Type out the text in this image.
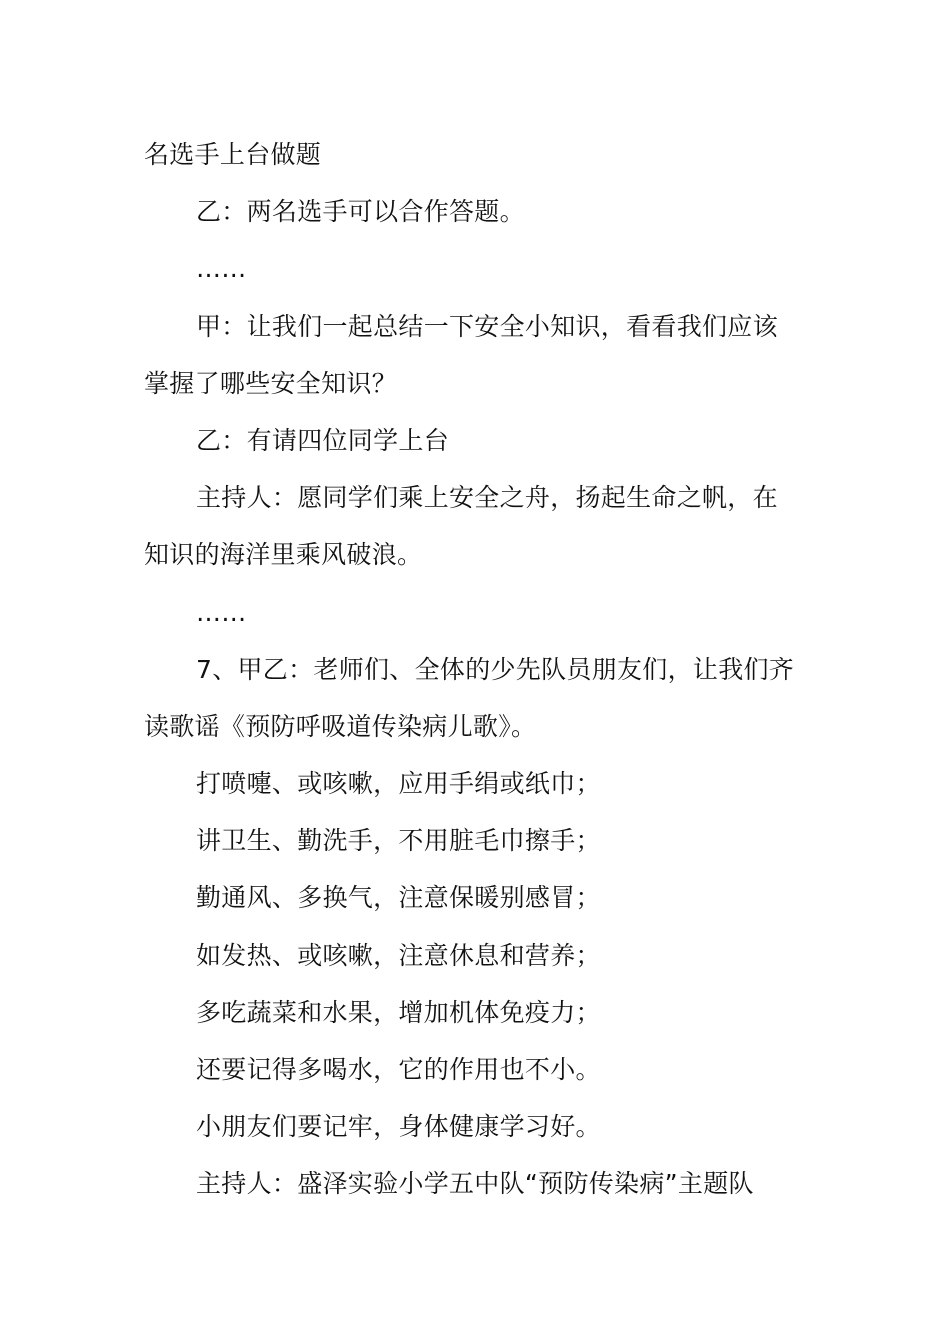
名选手上台做题
乙：两名选手可以合作答题。
……
甲：让我们一起总结一下安全小知识，看看我们应该
掌握了哪些安全知识？
乙：有请四位同学上台
主持人：愿同学们乘上安全之舟，扬起生命之帆，在
知识的海洋里乘风破浪。
……
7、甲乙：老师们、全体的少先队员朋友们，让我们齐
读歌谣《预防呼吸道传染病儿歌》。
打喷嚏、或咳嗽，应用手绢或纸巾；
讲卫生、勤洗手，不用脏毛巾擦手；
勤通风、多换气，注意保暖别感冒；
如发热、或咳嗽，注意休息和营养；
多吃蔬菜和水果，增加机体免疫力；
还要记得多喝水，它的作用也不小。
小朋友们要记牢，身体健康学习好。
主持人：盛泽实验小学五中队“预防传染病”主题队
